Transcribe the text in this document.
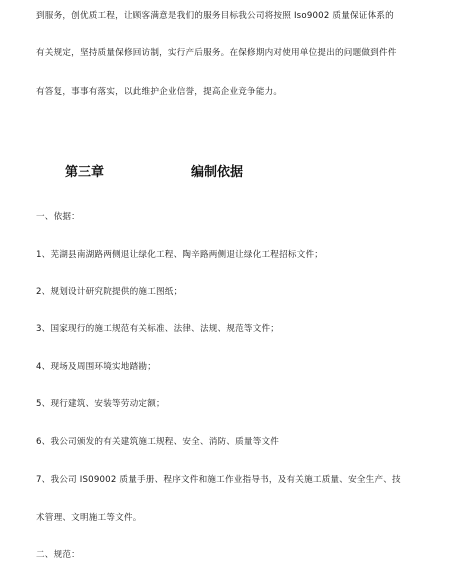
到服务，创优质工程，让顾客满意是我们的服务目标我公司将按照 Iso9002 质量保证体系的
有关规定，坚持质量保修回访制，实行产后服务。在保修期内对使用单位提出的问题做到件件
有答复，事事有落实，以此维护企业信誉，提高企业竞争能力。
第三章	编制依据
一、依据：
1、芜湖县南湖路两侧退让绿化工程、陶辛路两侧退让绿化工程招标文件；
2、规划设计研究院提供的施工图纸；
3、国家现行的施工规范有关标准、法律、法规、规范等文件；
4、现场及周围环境实地踏勘；
5、现行建筑、安装等劳动定额；
6、我公司颁发的有关建筑施工规程、安全、消防、质量等文件
7、我公司 IS09002 质量手册、程序文件和施工作业指导书，及有关施工质量、安全生产、技
术管理、文明施工等文件。
二、规范：
